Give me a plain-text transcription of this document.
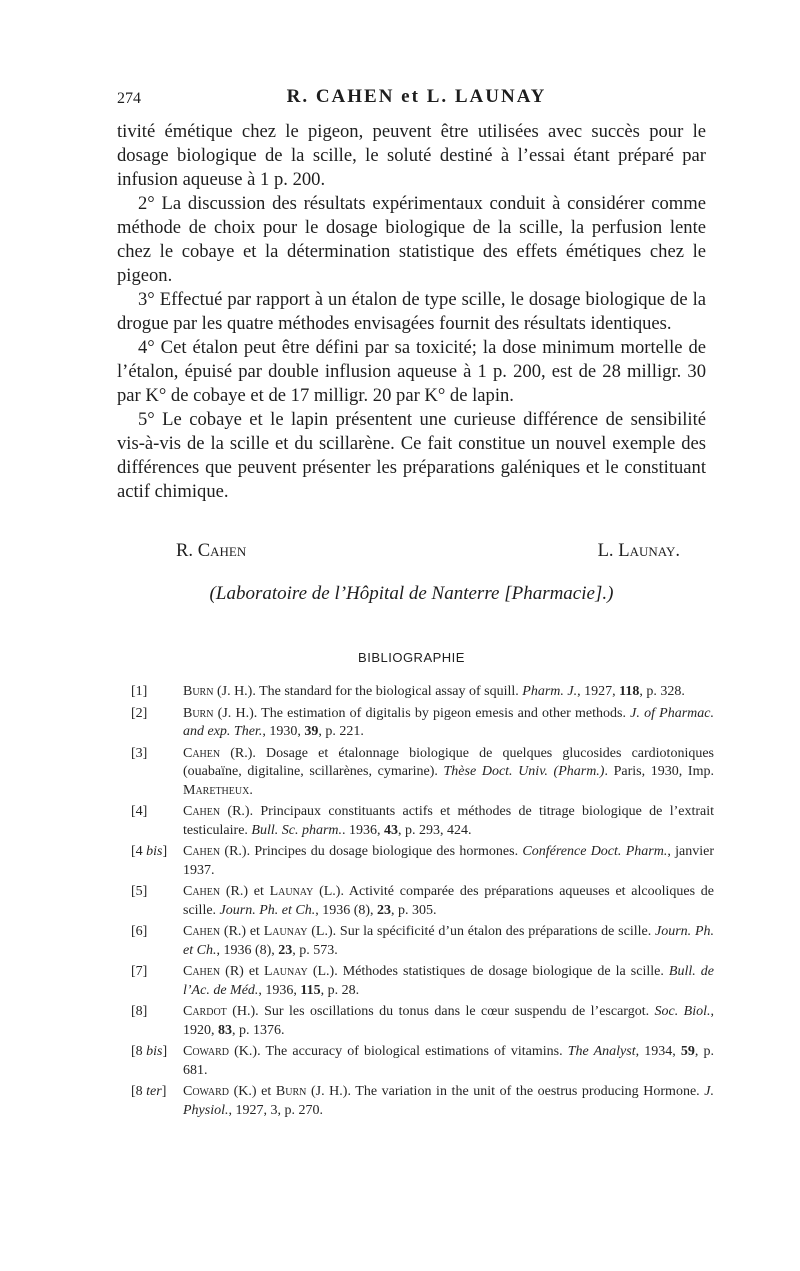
274	R. CAHEN et L. LAUNAY

tivité émétique chez le pigeon, peuvent être utilisées avec succès pour le dosage biologique de la scille, le soluté destiné à l’essai étant préparé par infusion aqueuse à 1 p. 200.

2° La discussion des résultats expérimentaux conduit à considérer comme méthode de choix pour le dosage biologique de la scille, la perfusion lente chez le cobaye et la détermination statistique des effets émétiques chez le pigeon.

3° Effectué par rapport à un étalon de type scille, le dosage biologique de la drogue par les quatre méthodes envisagées fournit des résultats identiques.

4° Cet étalon peut être défini par sa toxicité; la dose minimum mortelle de l’étalon, épuisé par double influsion aqueuse à 1 p. 200, est de 28 milligr. 30 par K° de cobaye et de 17 milligr. 20 par K° de lapin.

5° Le cobaye et le lapin présentent une curieuse différence de sensibilité vis-à-vis de la scille et du scillarène. Ce fait constitue un nouvel exemple des différences que peuvent présenter les préparations galéniques et le constituant actif chimique.

R. Cahen	L. Launay.
(Laboratoire de l’Hôpital de Nanterre [Pharmacie].)
BIBLIOGRAPHIE
[1]	Burn (J. H.). The standard for the biological assay of squill. Pharm. J., 1927, 118, p. 328.
[2]	Burn (J. H.). The estimation of digitalis by pigeon emesis and other methods. J. of Pharmac. and exp. Ther., 1930, 39, p. 221.
[3]	Cahen (R.). Dosage et étalonnage biologique de quelques glucosides cardiotoniques (ouabaïne, digitaline, scillarènes, cymarine). Thèse Doct. Univ. (Pharm.). Paris, 1930, Imp. Maretheux.
[4]	Cahen (R.). Principaux constituants actifs et méthodes de titrage biologique de l’extrait testiculaire. Bull. Sc. pharm.. 1936, 43, p. 293, 424.
[4 bis] Cahen (R.). Principes du dosage biologique des hormones. Conférence Doct. Pharm., janvier 1937.
[5]	Cahen (R.) et Launay (L.). Activité comparée des préparations aqueuses et alcooliques de scille. Journ. Ph. et Ch., 1936 (8), 23, p. 305.
[6]	Cahen (R.) et Launay (L.). Sur la spécificité d’un étalon des préparations de scille. Journ. Ph. et Ch., 1936 (8), 23, p. 573.
[7]	Cahen (R) et Launay (L.). Méthodes statistiques de dosage biologique de la scille. Bull. de l’Ac. de Méd., 1936, 115, p. 28.
[8]	Cardot (H.). Sur les oscillations du tonus dans le cœur suspendu de l’escargot. Soc. Biol., 1920, 83, p. 1376.
[8 bis] Coward (K.). The accuracy of biological estimations of vitamins. The Analyst, 1934, 59, p. 681.
[8 ter] Coward (K.) et Burn (J. H.). The variation in the unit of the oestrus producing Hormone. J. Physiol., 1927, 3, p. 270.
